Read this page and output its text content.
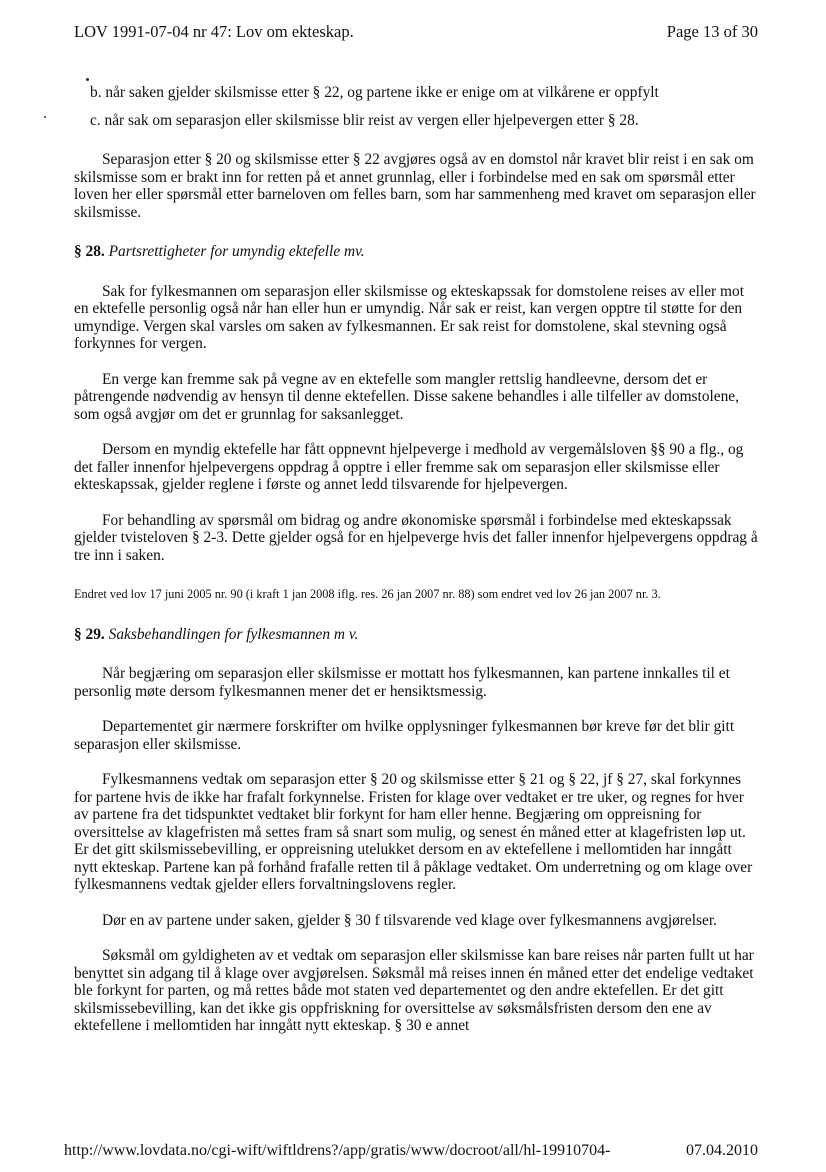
LOV 1991-07-04 nr 47: Lov om ekteskap.	Page 13 of 30
b. når saken gjelder skilsmisse etter § 22, og partene ikke er enige om at vilkårene er oppfylt
c. når sak om separasjon eller skilsmisse blir reist av vergen eller hjelpevergen etter § 28.

Separasjon etter § 20 og skilsmisse etter § 22 avgjøres også av en domstol når kravet blir reist i en sak om skilsmisse som er brakt inn for retten på et annet grunnlag, eller i forbindelse med en sak om spørsmål etter loven her eller spørsmål etter barneloven om felles barn, som har sammenheng med kravet om separasjon eller skilsmisse.

§ 28. Partsrettigheter for umyndig ektefelle mv.

Sak for fylkesmannen om separasjon eller skilsmisse og ekteskapssak for domstolene reises av eller mot en ektefelle personlig også når han eller hun er umyndig. Når sak er reist, kan vergen opptre til støtte for den umyndige. Vergen skal varsles om saken av fylkesmannen. Er sak reist for domstolene, skal stevning også forkynnes for vergen.

En verge kan fremme sak på vegne av en ektefelle som mangler rettslig handleevne, dersom det er påtrengende nødvendig av hensyn til denne ektefellen. Disse sakene behandles i alle tilfeller av domstolene, som også avgjør om det er grunnlag for saksanlegget.

Dersom en myndig ektefelle har fått oppnevnt hjelpeverge i medhold av vergemålsloven §§ 90 a flg., og det faller innenfor hjelpevergens oppdrag å opptre i eller fremme sak om separasjon eller skilsmisse eller ekteskapssak, gjelder reglene i første og annet ledd tilsvarende for hjelpevergen.

For behandling av spørsmål om bidrag og andre økonomiske spørsmål i forbindelse med ekteskapssak gjelder tvisteloven § 2-3. Dette gjelder også for en hjelpeverge hvis det faller innenfor hjelpevergens oppdrag å tre inn i saken.

Endret ved lov 17 juni 2005 nr. 90 (i kraft 1 jan 2008 iflg. res. 26 jan 2007 nr. 88) som endret ved lov 26 jan 2007 nr. 3.
§ 29. Saksbehandlingen for fylkesmannen m v.

Når begjæring om separasjon eller skilsmisse er mottatt hos fylkesmannen, kan partene innkalles til et personlig møte dersom fylkesmannen mener det er hensiktsmessig.

Departementet gir nærmere forskrifter om hvilke opplysninger fylkesmannen bør kreve før det blir gitt separasjon eller skilsmisse.

Fylkesmannens vedtak om separasjon etter § 20 og skilsmisse etter § 21 og § 22, jf § 27, skal forkynnes for partene hvis de ikke har frafalt forkynnelse. Fristen for klage over vedtaket er tre uker, og regnes for hver av partene fra det tidspunktet vedtaket blir forkynt for ham eller henne. Begjæring om oppreisning for oversittelse av klagefristen må settes fram så snart som mulig, og senest én måned etter at klagefristen løp ut. Er det gitt skilsmissebevilling, er oppreisning utelukket dersom en av ektefellene i mellomtiden har inngått nytt ekteskap. Partene kan på forhånd frafalle retten til å påklage vedtaket. Om underretning og om klage over fylkesmannens vedtak gjelder ellers forvaltningslovens regler.

Dør en av partene under saken, gjelder § 30 f tilsvarende ved klage over fylkesmannens avgjørelser.

Søksmål om gyldigheten av et vedtak om separasjon eller skilsmisse kan bare reises når parten fullt ut har benyttet sin adgang til å klage over avgjørelsen. Søksmål må reises innen én måned etter det endelige vedtaket ble forkynt for parten, og må rettes både mot staten ved departementet og den andre ektefellen. Er det gitt skilsmissebevilling, kan det ikke gis oppfriskning for oversittelse av søksmålsfristen dersom den ene av ektefellene i mellomtiden har inngått nytt ekteskap. § 30 e annet

http://www.lovdata.no/cgi-wift/wiftldrens?/app/gratis/www/docroot/all/hl-19910704-	07.04.2010
